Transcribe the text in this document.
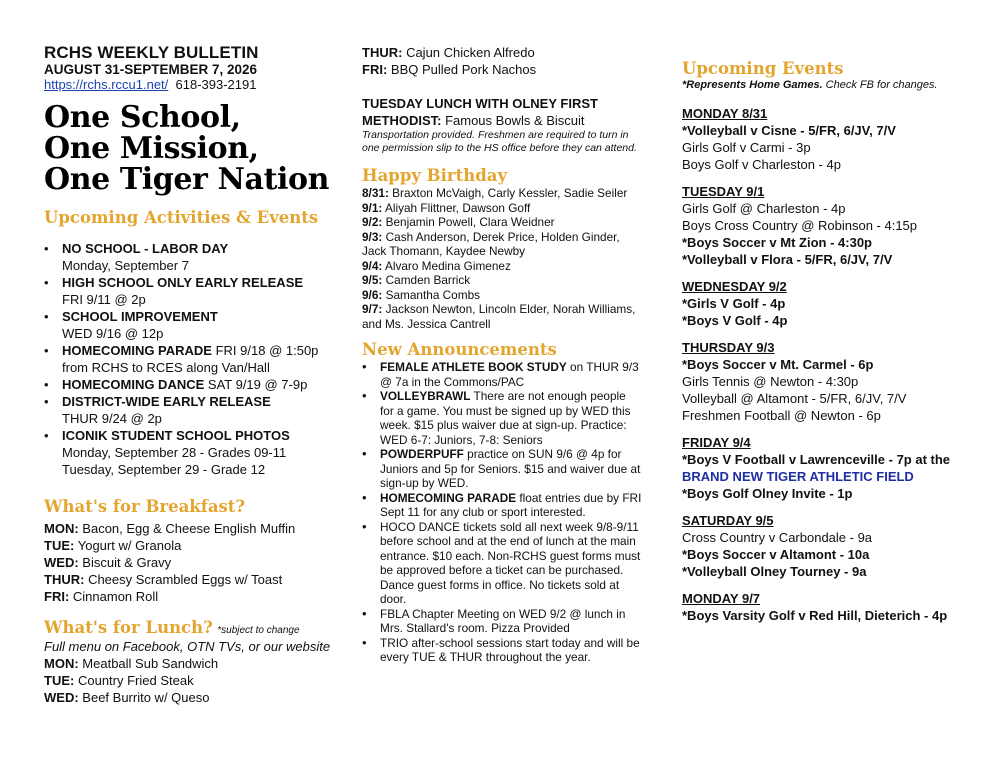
RCHS WEEKLY BULLETIN
AUGUST 31-SEPTEMBER 7, 2026
https://rchs.rccu1.net/ 618-393-2191
One School,
One Mission,
One Tiger Nation
Upcoming Activities & Events
• NO SCHOOL - LABOR DAY
Monday, September 7
• HIGH SCHOOL ONLY EARLY RELEASE
FRI 9/11 @ 2p
• SCHOOL IMPROVEMENT
WED 9/16 @ 12p
• HOMECOMING PARADE FRI 9/18 @ 1:50p from RCHS to RCES along Van/Hall
• HOMECOMING DANCE SAT 9/19 @ 7-9p
• DISTRICT-WIDE EARLY RELEASE
THUR 9/24 @ 2p
• ICONIK STUDENT SCHOOL PHOTOS
Monday, September 28 - Grades 09-11
Tuesday, September 29 - Grade 12
What's for Breakfast?
MON: Bacon, Egg & Cheese English Muffin
TUE: Yogurt w/ Granola
WED: Biscuit & Gravy
THUR: Cheesy Scrambled Eggs w/ Toast
FRI: Cinnamon Roll
What's for Lunch? *subject to change
Full menu on Facebook, OTN TVs, or our website
MON: Meatball Sub Sandwich
TUE: Country Fried Steak
WED: Beef Burrito w/ Queso
THUR: Cajun Chicken Alfredo
FRI: BBQ Pulled Pork Nachos
TUESDAY LUNCH WITH OLNEY FIRST METHODIST: Famous Bowls & Biscuit
Transportation provided. Freshmen are required to turn in one permission slip to the HS office before they can attend.
Happy Birthday
8/31: Braxton McVaigh, Carly Kessler, Sadie Seiler
9/1: Aliyah Flittner, Dawson Goff
9/2: Benjamin Powell, Clara Weidner
9/3: Cash Anderson, Derek Price, Holden Ginder, Jack Thomann, Kaydee Newby
9/4: Alvaro Medina Gimenez
9/5: Camden Barrick
9/6: Samantha Combs
9/7: Jackson Newton, Lincoln Elder, Norah Williams, and Ms. Jessica Cantrell
New Announcements
• FEMALE ATHLETE BOOK STUDY on THUR 9/3 @ 7a in the Commons/PAC
• VOLLEYBRAWL There are not enough people for a game. You must be signed up by WED this week. $15 plus waiver due at sign-up. Practice: WED 6-7: Juniors, 7-8: Seniors
• POWDERPUFF practice on SUN 9/6 @ 4p for Juniors and 5p for Seniors. $15 and waiver due at sign-up by WED.
• HOMECOMING PARADE float entries due by FRI Sept 11 for any club or sport interested.
• HOCO DANCE tickets sold all next week 9/8-9/11 before school and at the end of lunch at the main entrance. $10 each. Non-RCHS guest forms must be approved before a ticket can be purchased. Dance guest forms in office. No tickets sold at door.
• FBLA Chapter Meeting on WED 9/2 @ lunch in Mrs. Stallard's room. Pizza Provided
• TRIO after-school sessions start today and will be every TUE & THUR throughout the year.
Upcoming Events
*Represents Home Games. Check FB for changes.
MONDAY 8/31
*Volleyball v Cisne - 5/FR, 6/JV, 7/V
Girls Golf v Carmi - 3p
Boys Golf v Charleston - 4p
TUESDAY 9/1
Girls Golf @ Charleston - 4p
Boys Cross Country @ Robinson - 4:15p
*Boys Soccer v Mt Zion - 4:30p
*Volleyball v Flora - 5/FR, 6/JV, 7/V
WEDNESDAY 9/2
*Girls V Golf - 4p
*Boys V Golf - 4p
THURSDAY 9/3
*Boys Soccer v Mt. Carmel - 6p
Girls Tennis @ Newton - 4:30p
Volleyball @ Altamont - 5/FR, 6/JV, 7/V
Freshmen Football @ Newton - 6p
FRIDAY 9/4
*Boys V Football v Lawrenceville - 7p at the
BRAND NEW TIGER ATHLETIC FIELD
*Boys Golf Olney Invite - 1p
SATURDAY 9/5
Cross Country v Carbondale - 9a
*Boys Soccer v Altamont - 10a
*Volleyball Olney Tourney - 9a
MONDAY 9/7
*Boys Varsity Golf v Red Hill, Dieterich - 4p
